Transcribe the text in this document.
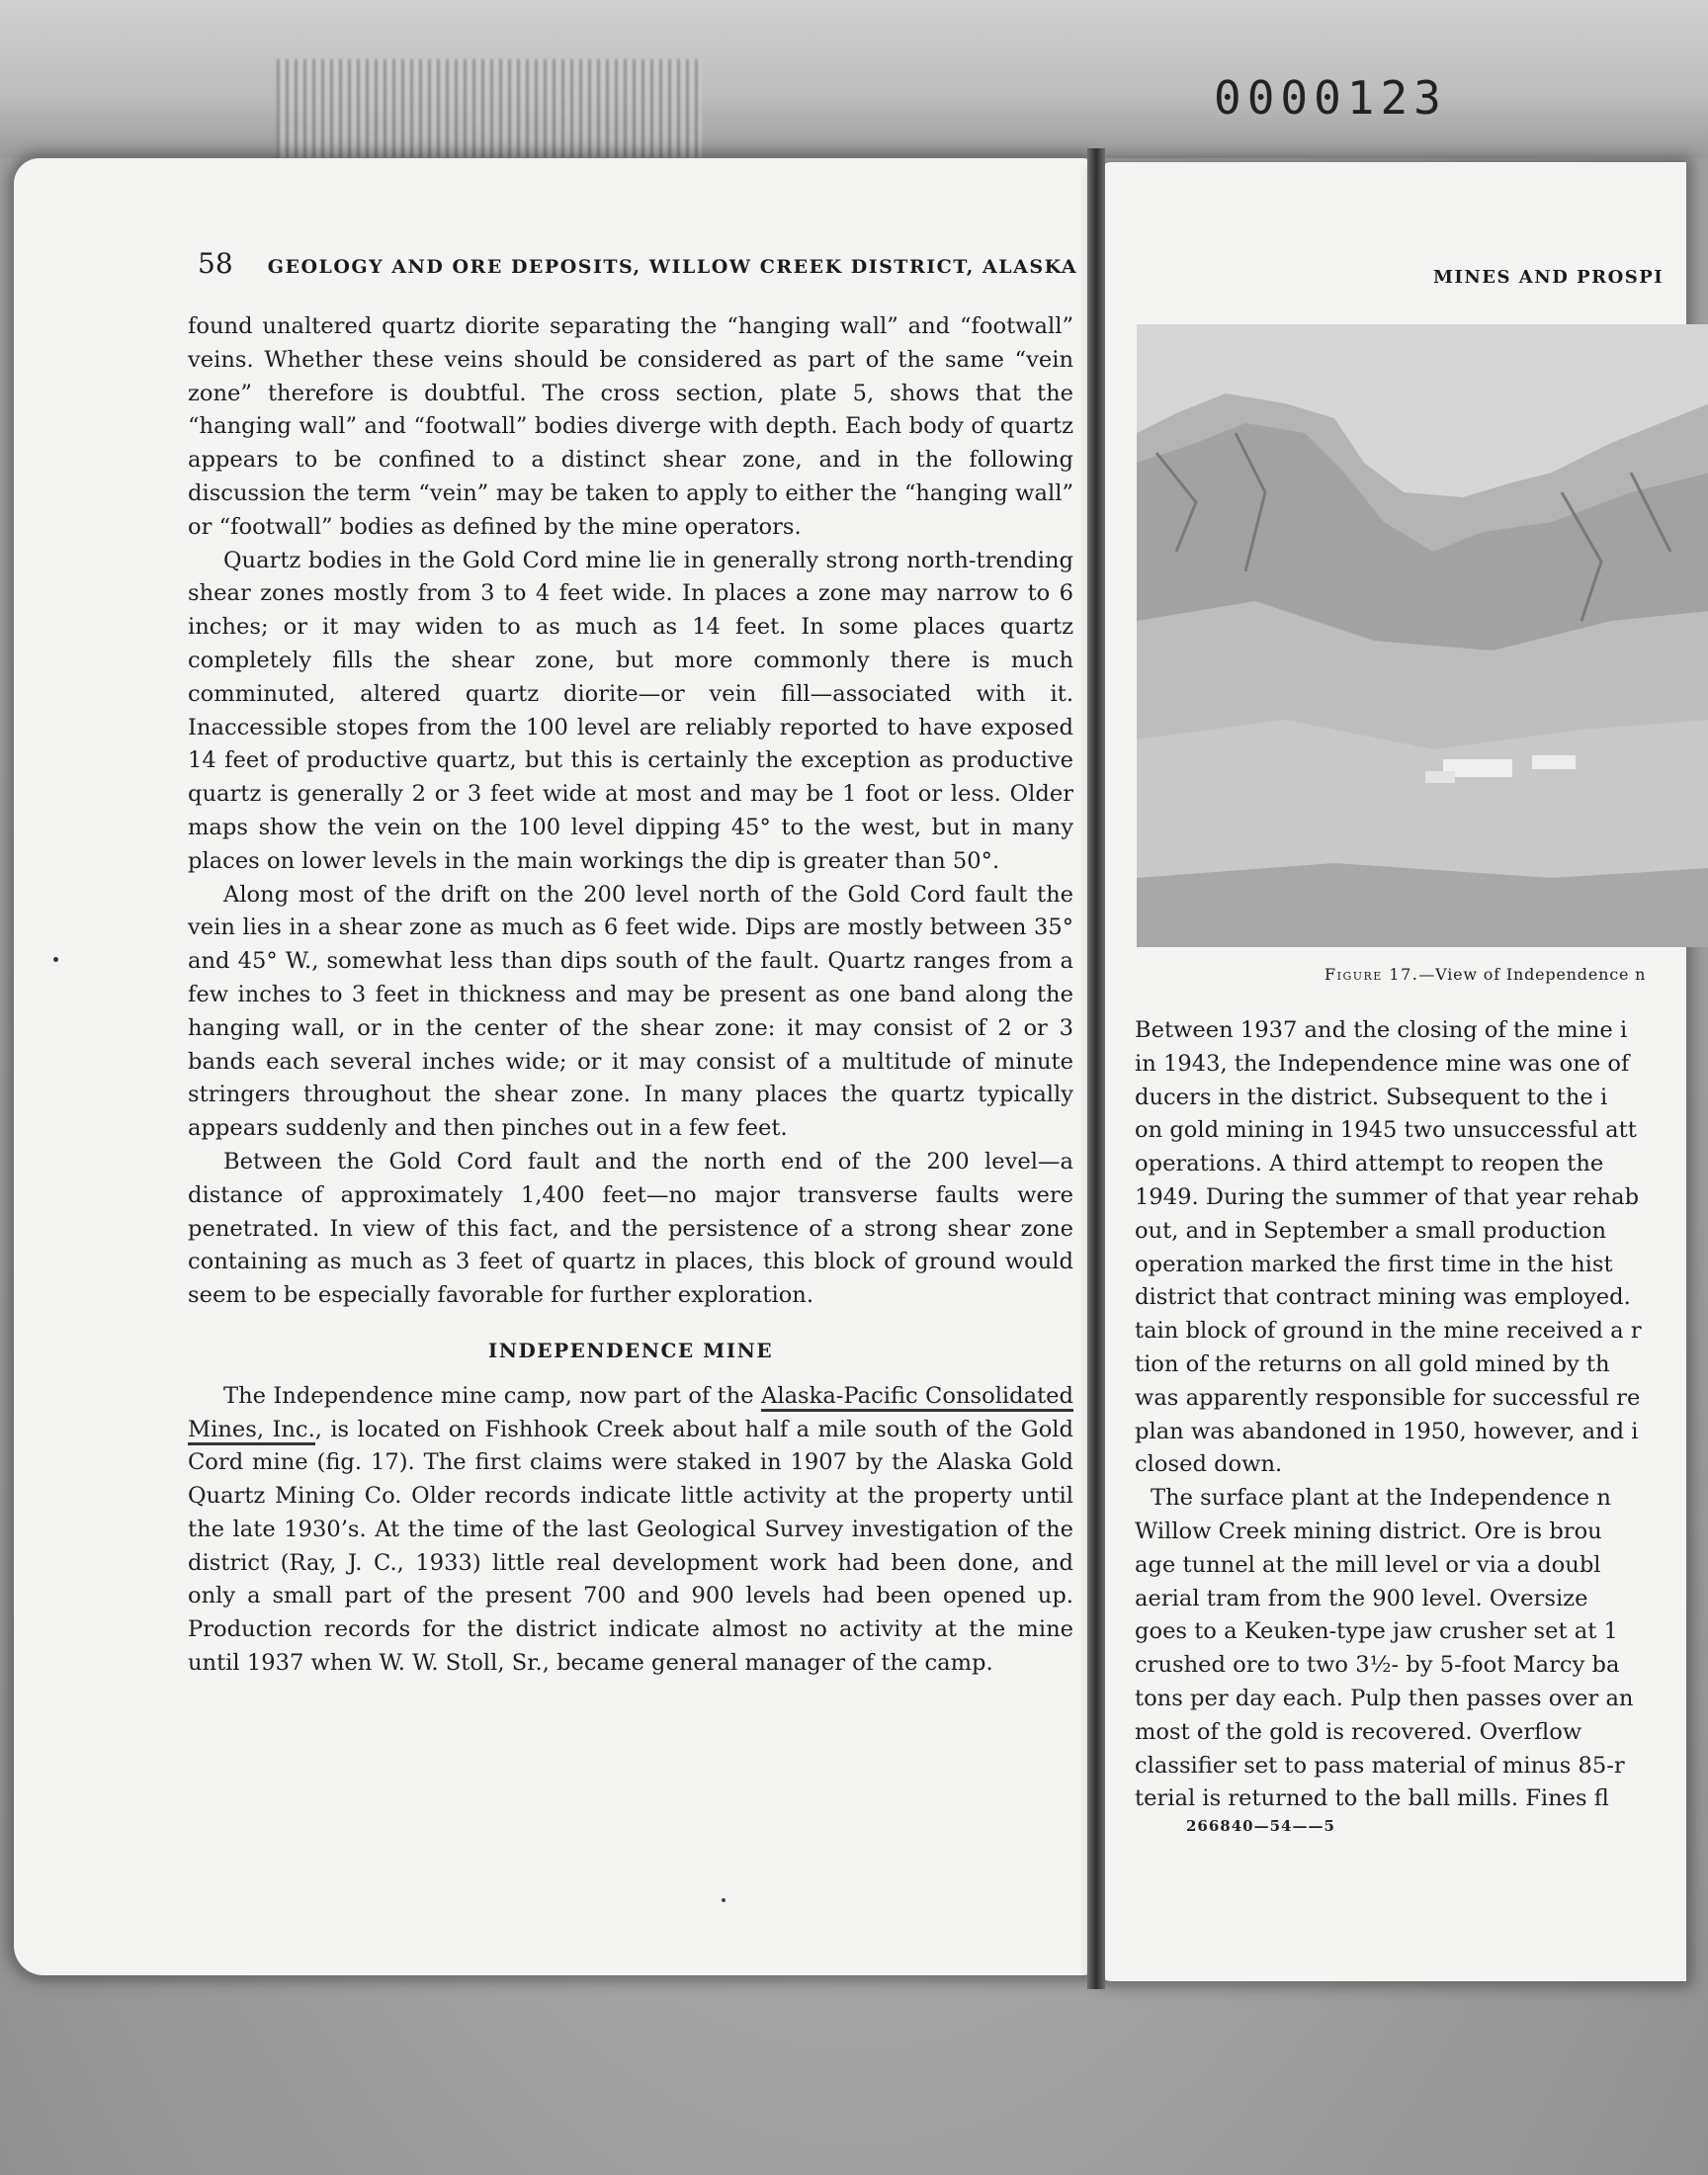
0000123
58 GEOLOGY AND ORE DEPOSITS, WILLOW CREEK DISTRICT, ALASKA

found unaltered quartz diorite separating the “hanging wall” and “footwall” veins. Whether these veins should be considered as part of the same “vein zone” therefore is doubtful. The cross section, plate 5, shows that the “hanging wall” and “footwall” bodies diverge with depth. Each body of quartz appears to be confined to a distinct shear zone, and in the following discussion the term “vein” may be taken to apply to either the “hanging wall” or “footwall” bodies as defined by the mine operators.

Quartz bodies in the Gold Cord mine lie in generally strong north-trending shear zones mostly from 3 to 4 feet wide. In places a zone may narrow to 6 inches; or it may widen to as much as 14 feet. In some places quartz completely fills the shear zone, but more commonly there is much comminuted, altered quartz diorite—or vein fill—associated with it. Inaccessible stopes from the 100 level are reliably reported to have exposed 14 feet of productive quartz, but this is certainly the exception as productive quartz is generally 2 or 3 feet wide at most and may be 1 foot or less. Older maps show the vein on the 100 level dipping 45° to the west, but in many places on lower levels in the main workings the dip is greater than 50°.

Along most of the drift on the 200 level north of the Gold Cord fault the vein lies in a shear zone as much as 6 feet wide. Dips are mostly between 35° and 45° W., somewhat less than dips south of the fault. Quartz ranges from a few inches to 3 feet in thickness and may be present as one band along the hanging wall, or in the center of the shear zone: it may consist of 2 or 3 bands each several inches wide; or it may consist of a multitude of minute stringers throughout the shear zone. In many places the quartz typically appears suddenly and then pinches out in a few feet.

Between the Gold Cord fault and the north end of the 200 level—a distance of approximately 1,400 feet—no major transverse faults were penetrated. In view of this fact, and the persistence of a strong shear zone containing as much as 3 feet of quartz in places, this block of ground would seem to be especially favorable for further exploration.

INDEPENDENCE MINE

The Independence mine camp, now part of the Alaska-Pacific Consolidated Mines, Inc., is located on Fishhook Creek about half a mile south of the Gold Cord mine (fig. 17). The first claims were staked in 1907 by the Alaska Gold Quartz Mining Co. Older records indicate little activity at the property until the late 1930’s. At the time of the last Geological Survey investigation of the district (Ray, J. C., 1933) little real development work had been done, and only a small part of the present 700 and 900 levels had been opened up. Production records for the district indicate almost no activity at the mine until 1937 when W. W. Stoll, Sr., became general manager of the camp.

MINES AND PROSPI
Figure 17.—View of Independence n
Between 1937 and the closing of the mine i
in 1943, the Independence mine was one of
ducers in the district. Subsequent to the i
on gold mining in 1945 two unsuccessful att
operations. A third attempt to reopen the
1949. During the summer of that year rehab
out, and in September a small production
operation marked the first time in the hist
district that contract mining was employed.
tain block of ground in the mine received a r
tion of the returns on all gold mined by th
was apparently responsible for successful re
plan was abandoned in 1950, however, and i
closed down.
The surface plant at the Independence n
Willow Creek mining district. Ore is brou
age tunnel at the mill level or via a doubl
aerial tram from the 900 level. Oversize
goes to a Keuken-type jaw crusher set at 1
crushed ore to two 3½- by 5-foot Marcy ba
tons per day each. Pulp then passes over an
most of the gold is recovered. Overflow
classifier set to pass material of minus 85-r
terial is returned to the ball mills. Fines fl
266840—54——5
